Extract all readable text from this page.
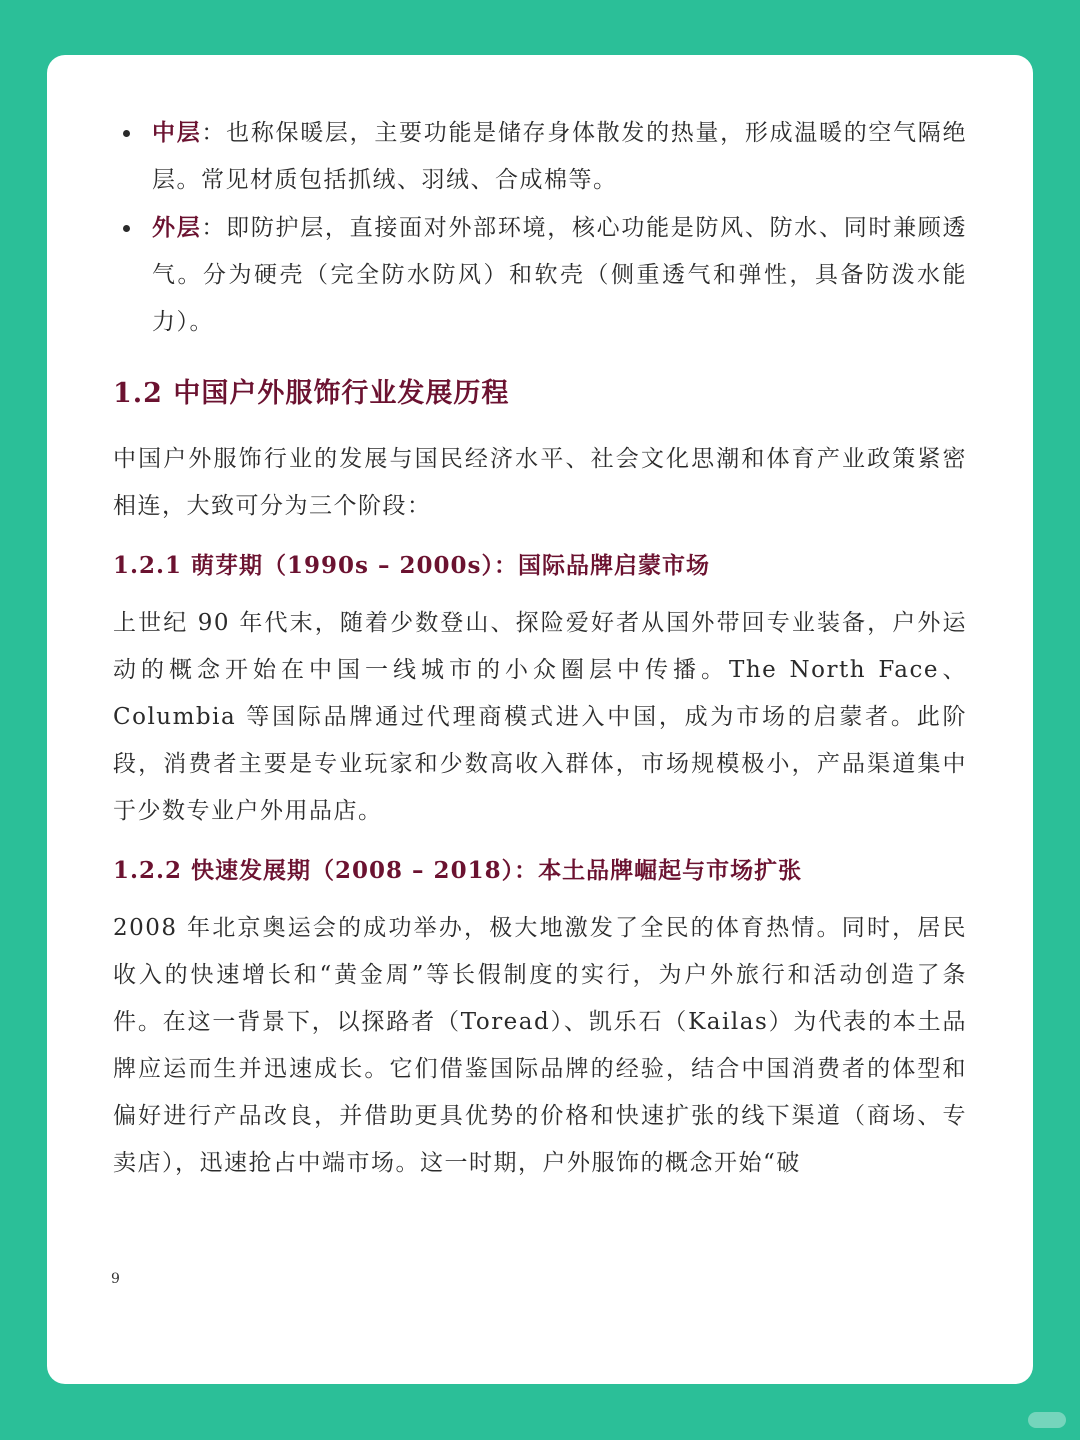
中层：也称保暖层，主要功能是储存身体散发的热量，形成温暖的空气隔绝层。常见材质包括抓绒、羽绒、合成棉等。
外层：即防护层，直接面对外部环境，核心功能是防风、防水、同时兼顾透气。分为硬壳（完全防水防风）和软壳（侧重透气和弹性，具备防泼水能力）。
1.2 中国户外服饰行业发展历程

中国户外服饰行业的发展与国民经济水平、社会文化思潮和体育产业政策紧密相连，大致可分为三个阶段：

1.2.1 萌芽期（1990s – 2000s）：国际品牌启蒙市场

上世纪 90 年代末，随着少数登山、探险爱好者从国外带回专业装备，户外运动的概念开始在中国一线城市的小众圈层中传播。The North Face、Columbia 等国际品牌通过代理商模式进入中国，成为市场的启蒙者。此阶段，消费者主要是专业玩家和少数高收入群体，市场规模极小，产品渠道集中于少数专业户外用品店。

1.2.2 快速发展期（2008 – 2018）：本土品牌崛起与市场扩张

2008 年北京奥运会的成功举办，极大地激发了全民的体育热情。同时，居民收入的快速增长和“黄金周”等长假制度的实行，为户外旅行和活动创造了条件。在这一背景下，以探路者（Toread）、凯乐石（Kailas）为代表的本土品牌应运而生并迅速成长。它们借鉴国际品牌的经验，结合中国消费者的体型和偏好进行产品改良，并借助更具优势的价格和快速扩张的线下渠道（商场、专卖店），迅速抢占中端市场。这一时期，户外服饰的概念开始“破

9
